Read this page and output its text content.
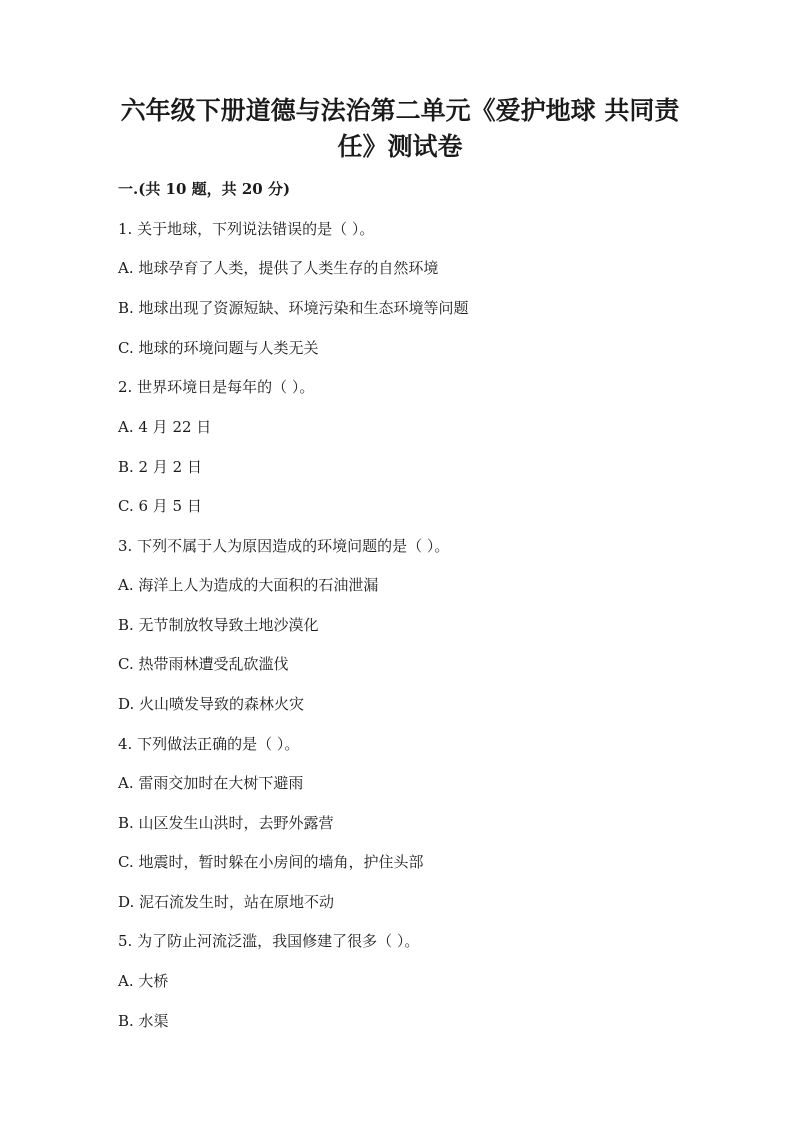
六年级下册道德与法治第二单元《爱护地球 共同责
任》测试卷
一.(共 10 题，共 20 分)
1. 关于地球，下列说法错误的是（ ）。
A. 地球孕育了人类，提供了人类生存的自然环境
B. 地球出现了资源短缺、环境污染和生态环境等问题
C. 地球的环境问题与人类无关
2. 世界环境日是每年的（ ）。
A. 4 月 22 日
B. 2 月 2 日
C. 6 月 5 日
3. 下列不属于人为原因造成的环境问题的是（ ）。
A. 海洋上人为造成的大面积的石油泄漏
B. 无节制放牧导致土地沙漠化
C. 热带雨林遭受乱砍滥伐
D. 火山喷发导致的森林火灾
4. 下列做法正确的是（ ）。
A. 雷雨交加时在大树下避雨
B. 山区发生山洪时，去野外露营
C. 地震时，暂时躲在小房间的墙角，护住头部
D. 泥石流发生时，站在原地不动
5. 为了防止河流泛滥，我国修建了很多（ ）。
A. 大桥
B. 水渠
